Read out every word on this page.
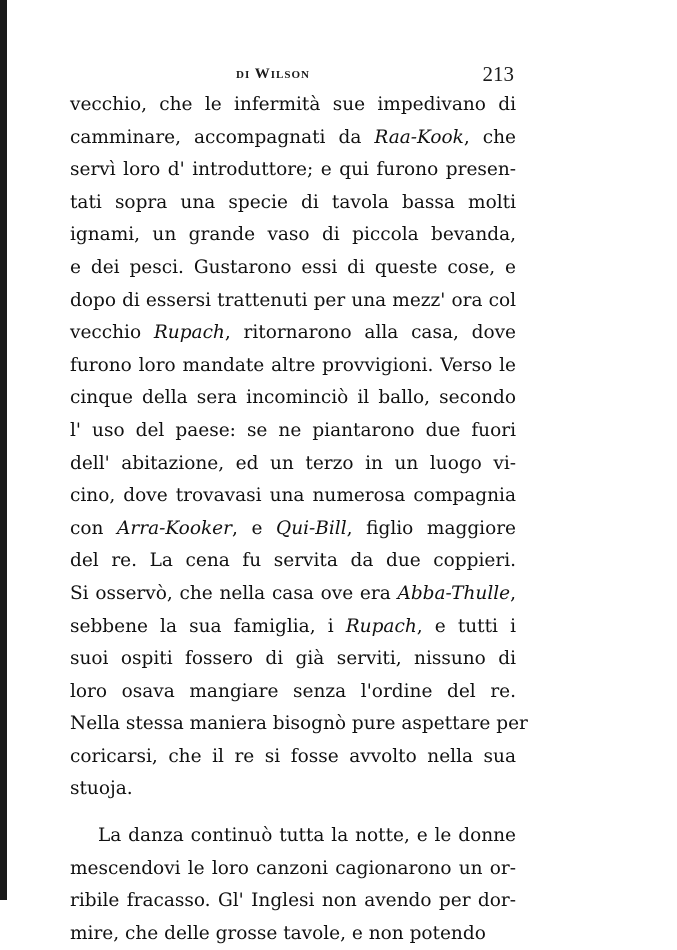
di Wilson	213
vecchio, che le infermità sue impedivano di
camminare, accompagnati da Raa-Kook, che
servì loro d' introduttore; e qui furono presen-
tati sopra una specie di tavola bassa molti
ignami, un grande vaso di piccola bevanda,
e dei pesci. Gustarono essi di queste cose, e
dopo di essersi trattenuti per una mezz' ora col
vecchio Rupach, ritornarono alla casa, dove
furono loro mandate altre provvigioni. Verso le
cinque della sera incominciò il ballo, secondo
l' uso del paese: se ne piantarono due fuori
dell' abitazione, ed un terzo in un luogo vi-
cino, dove trovavasi una numerosa compagnia
con Arra-Kooker, e Qui-Bill, figlio maggiore
del re. La cena fu servita da due coppieri.
Si osservò, che nella casa ove era Abba-Thulle,
sebbene la sua famiglia, i Rupach, e tutti i
suoi ospiti fossero di già serviti, nissuno di
loro osava mangiare senza l'ordine del re.
Nella stessa maniera bisognò pure aspettare per
coricarsi, che il re si fosse avvolto nella sua
stuoja.
La danza continuò tutta la notte, e le donne
mescendovi le loro canzoni cagionarono un or-
ribile fracasso. Gl' Inglesi non avendo per dor-
mire, che delle grosse tavole, e non potendo
